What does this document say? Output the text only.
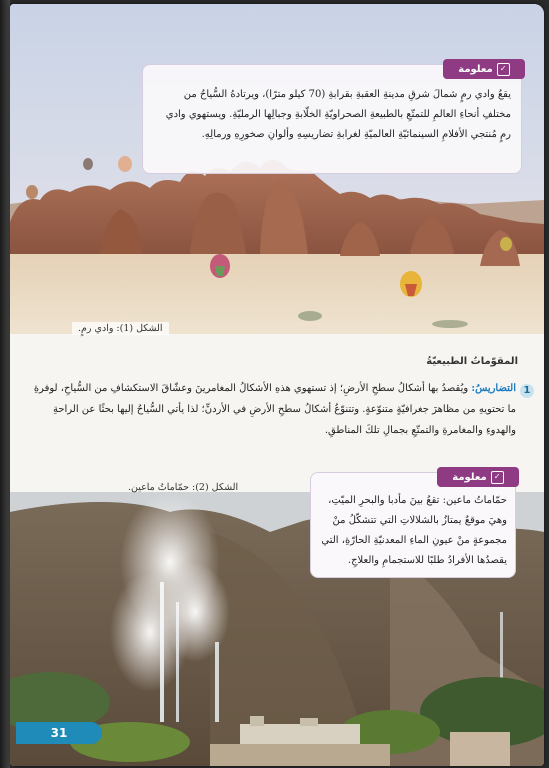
✓
معلومة
يقعُ وادي رمٍ شمالَ شرقِ مدينةِ العقبةِ بقرابةِ (70 كيلو مترًا)، ويرتادهُ السُّياحُ من مختلفِ أنحاءِ العالمِ للتمتّعِ بالطبيعةِ الصحراويّةِ الخلّابةِ وجبالِها الرمليّةِ. ويستهوي وادي رمٍ مُنتجي الأفلامِ السينمائيّةِ العالميّةِ لغرابةِ تضاريسِهِ وألوانِ صخورِهِ ورمالِهِ.
الشكل (1): وادي رمٍ.
المقوّماتُ الطبيعيّةُ
1
التضاريسُ: ويُقصدُ بها أشكالُ سطحِ الأرضِ؛ إذ تستهوي هذهِ الأشكالُ المغامرينَ وعشّاقَ الاستكشافِ من السُّياحِ، لوفرةِ ما تحتويهِ من مظاهرَ جغرافيّةٍ متنوّعةٍ. وتتنوّعُ أشكالُ سطحِ الأرضِ في الأردنِّ؛ لذا يأتي السُّياحُ إليها بحثًا عن الراحةِ والهدوءِ والمغامرةِ والتمتّعِ بجمالِ تلكَ المناطقِ.
الشكل (2): حمّاماتُ ماعين.
✓
معلومة
حمّاماتُ ماعين: تقعُ بينَ مأدبا والبحرِ الميّتِ، وهيَ موقعٌ يمتازُ بالشلالاتِ التي تتشكّلُ منْ مجموعةٍ منْ عيونِ الماءِ المعدنيّةِ الحارّةِ، التي يقصدُها الأفرادُ طلبًا للاستجمامِ والعلاجِ.
31
